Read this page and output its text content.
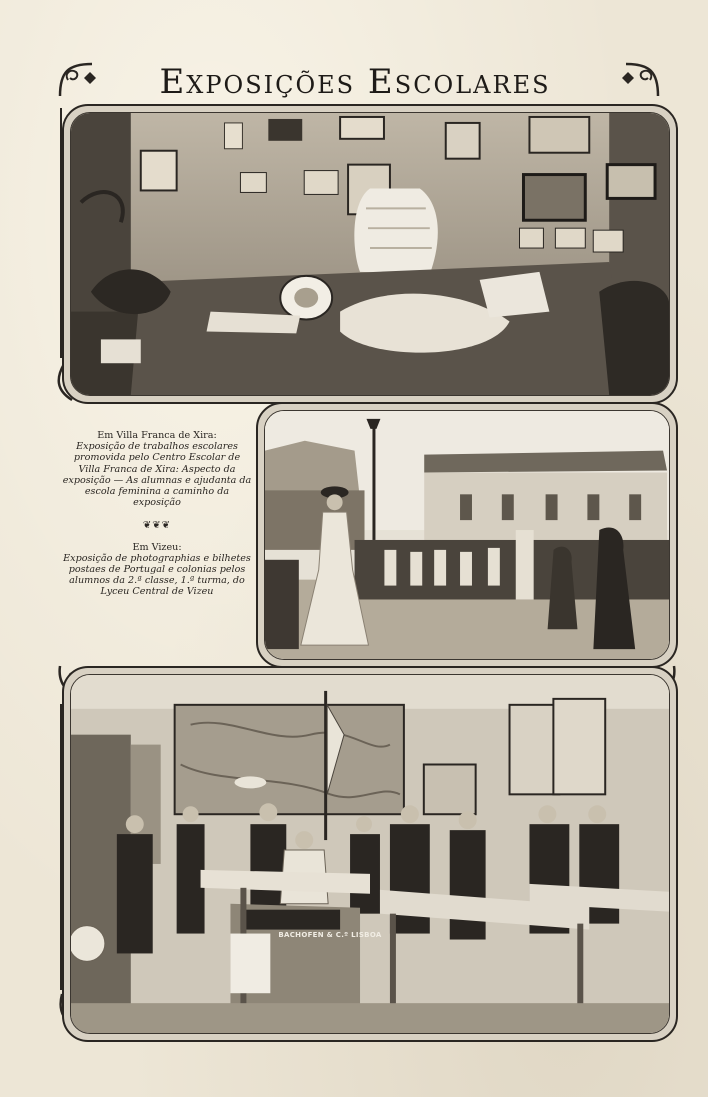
Exposições Escolares
Em Villa Franca de Xira:
Exposição de trabalhos escolares promovida pelo Centro Escolar de Villa Franca de Xira: Aspecto da exposição — As alumnas e ajudanta da escola feminina a caminho da exposição
❦❦❦
Em Vizeu:
Exposição de photographias e bilhetes postaes de Portugal e colonias pelos alumnos da 2.ª classe, 1.ª turma, do Lyceu Central de Vizeu
BACHOFEN & C.º LISBOA
